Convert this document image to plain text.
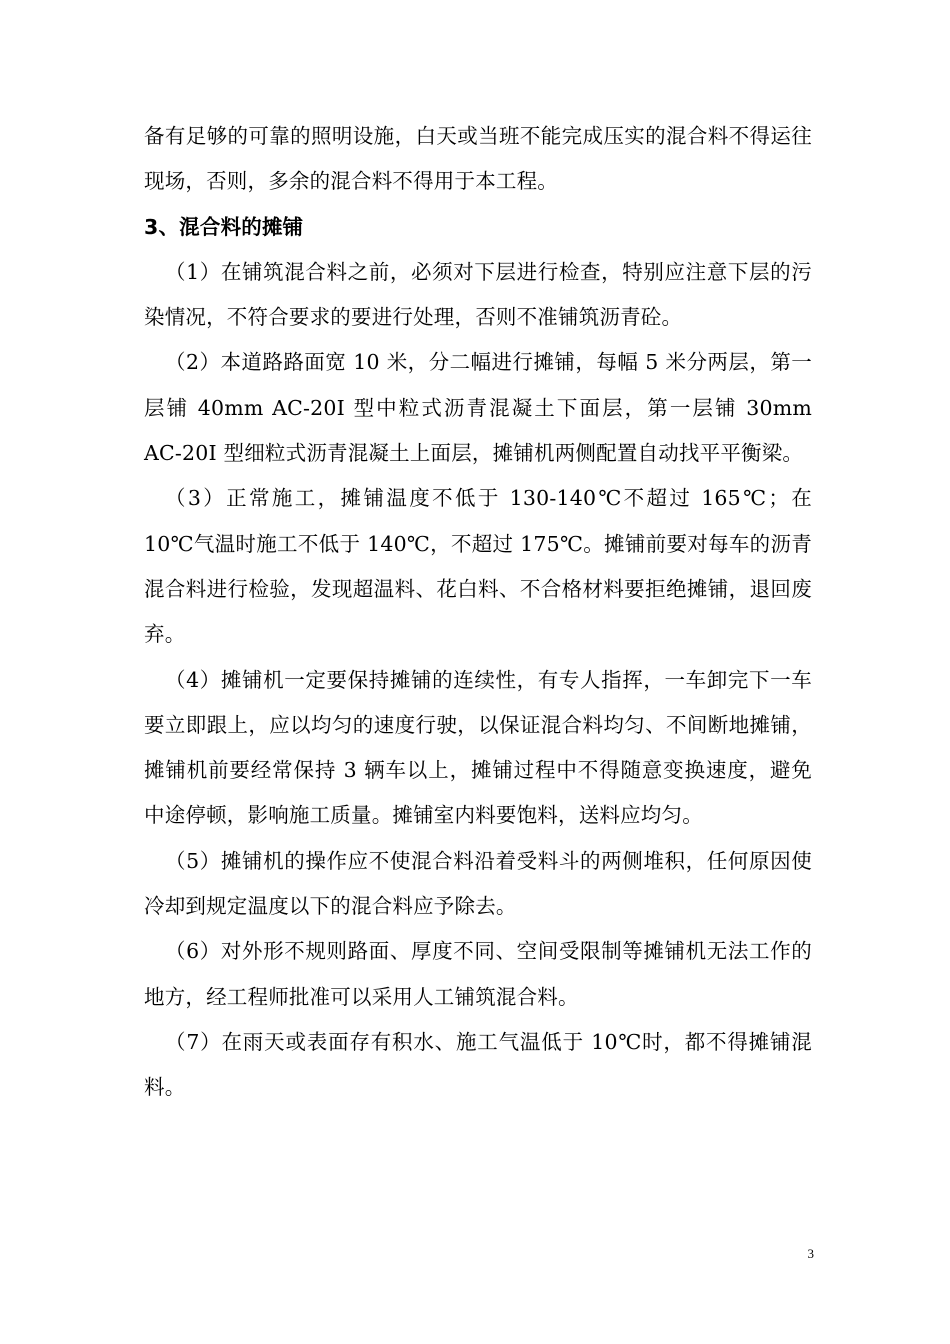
备有足够的可靠的照明设施，白天或当班不能完成压实的混合料不得运往现场，否则，多余的混合料不得用于本工程。

3、混合料的摊铺

（1）在铺筑混合料之前，必须对下层进行检查，特别应注意下层的污染情况，不符合要求的要进行处理，否则不准铺筑沥青砼。

（2）本道路路面宽 10 米，分二幅进行摊铺，每幅 5 米分两层，第一层铺 40mm AC-20I 型中粒式沥青混凝土下面层，第一层铺 30mm AC-20I 型细粒式沥青混凝土上面层，摊铺机两侧配置自动找平平衡梁。

（3）正常施工，摊铺温度不低于 130-140℃不超过 165℃；在 10℃气温时施工不低于 140℃，不超过 175℃。摊铺前要对每车的沥青混合料进行检验，发现超温料、花白料、不合格材料要拒绝摊铺，退回废弃。

（4）摊铺机一定要保持摊铺的连续性，有专人指挥，一车卸完下一车要立即跟上，应以均匀的速度行驶，以保证混合料均匀、不间断地摊铺，摊铺机前要经常保持 3 辆车以上，摊铺过程中不得随意变换速度，避免中途停顿，影响施工质量。摊铺室内料要饱料，送料应均匀。

（5）摊铺机的操作应不使混合料沿着受料斗的两侧堆积，任何原因使冷却到规定温度以下的混合料应予除去。

（6）对外形不规则路面、厚度不同、空间受限制等摊铺机无法工作的地方，经工程师批准可以采用人工铺筑混合料。

（7）在雨天或表面存有积水、施工气温低于 10℃时，都不得摊铺混料。

3
